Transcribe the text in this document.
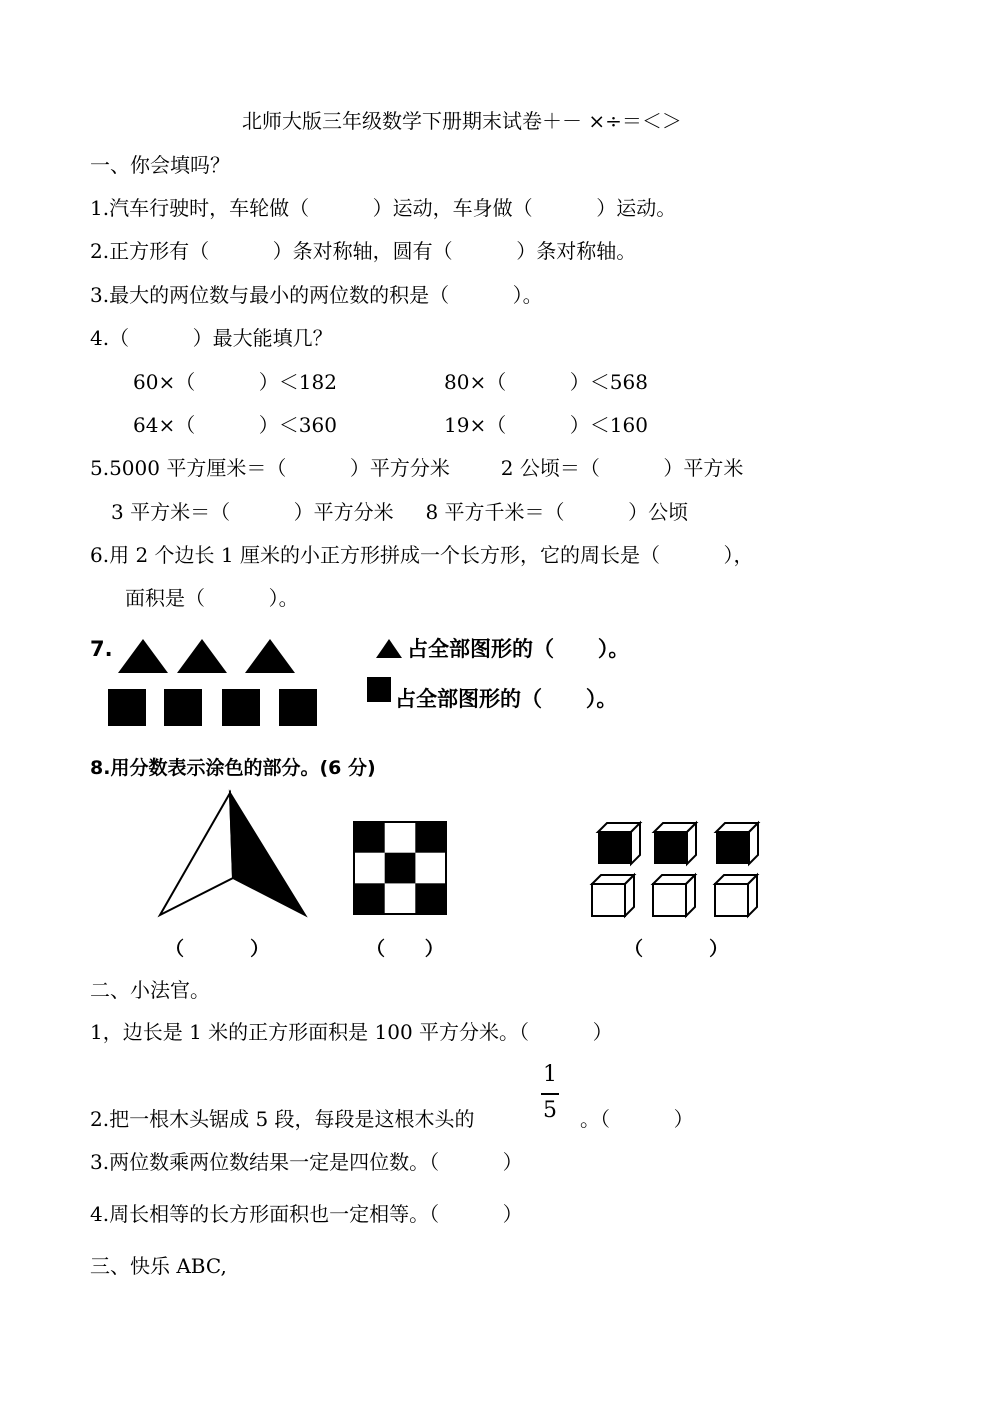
北师大版三年级数学下册期末试卷＋－ ×÷＝＜＞
一、你会填吗？
1.汽车行驶时，车轮做（          ）运动，车身做（          ）运动。
2.正方形有（          ）条对称轴，圆有（          ）条对称轴。
3.最大的两位数与最小的两位数的积是（          ）。
4.（          ）最大能填几？
60×（          ）＜182	80×（          ）＜568
64×（          ）＜360	19×（          ）＜160
5.5000 平方厘米＝（          ）平方分米        2 公顷＝（          ）平方米
3 平方米＝（          ）平方分米     8 平方千米＝（          ）公顷
6.用 2 个边长 1 厘米的小正方形拼成一个长方形，它的周长是（          ），
面积是（          ）。
7.	占全部图形的（      ）。
占全部图形的（      ）。
8.用分数表示涂色的部分。(6 分)
（          ）	（      ）	（          ）
二、小法官。
1，边长是 1 米的正方形面积是 100 平方分米。（          ）
2.把一根木头锯成 5 段，每段是这根木头的
1
5 。（          ）
3.两位数乘两位数结果一定是四位数。（          ）
4.周长相等的长方形面积也一定相等。（          ）
三、快乐 ABC,
